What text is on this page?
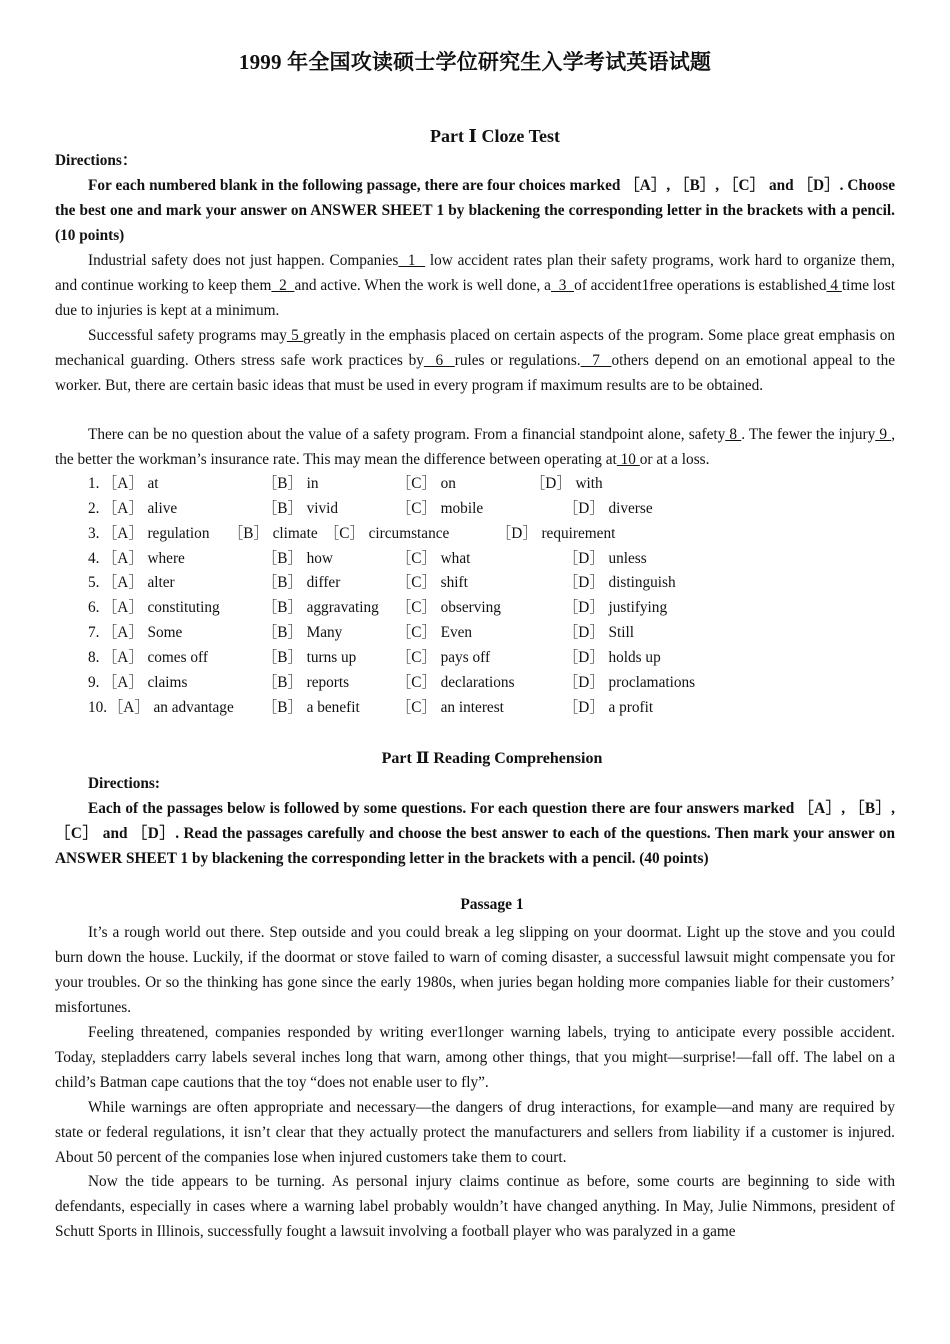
1999 年全国攻读硕士学位研究生入学考试英语试题
Part Ⅰ Cloze Test
Directions：
For each numbered blank in the following passage, there are four choices marked ［A］, ［B］, ［C］ and ［D］. Choose the best one and mark your answer on ANSWER SHEET 1 by blackening the corresponding letter in the brackets with a pencil. (10 points)
Industrial safety does not just happen. Companies  1   low accident rates plan their safety programs, work hard to organize them, and continue working to keep them  2  and active. When the work is well done, a  3  of accident1free operations is established 4 time lost due to injuries is kept at a minimum.
Successful safety programs may 5 greatly in the emphasis placed on certain aspects of the program. Some place great emphasis on mechanical guarding. Others stress safe work practices by  6  rules or regulations.  7  others depend on an emotional appeal to the worker. But, there are certain basic ideas that must be used in every program if maximum results are to be obtained.
There can be no question about the value of a safety program. From a financial standpoint alone, safety 8 . The fewer the injury 9 , the better the workman’s insurance rate. This may mean the difference between operating at 10 or at a loss.
1. ［A］ at	［B］ in	［C］ on	［D］ with
2. ［A］ alive	［B］ vivid	［C］ mobile	［D］ diverse
3. ［A］ regulation ［B］ climate ［C］ circumstance	［D］ requirement
4. ［A］ where	［B］ how	［C］ what	［D］ unless
5. ［A］ alter	［B］ differ	［C］ shift	［D］ distinguish
6. ［A］ constituting	［B］ aggravating ［C］ observing	［D］ justifying
7. ［A］ Some	［B］ Many	［C］ Even	［D］ Still
8. ［A］ comes off	［B］ turns up	［C］ pays off	［D］ holds up
9. ［A］ claims	［B］ reports	［C］ declarations	［D］ proclamations
10. ［A］ an advantage ［B］ a benefit ［C］ an interest	［D］ a profit
Part Ⅱ Reading Comprehension
Directions:
Each of the passages below is followed by some questions. For each question there are four answers marked ［A］, ［B］, ［C］ and ［D］. Read the passages carefully and choose the best answer to each of the questions. Then mark your answer on ANSWER SHEET 1 by blackening the corresponding letter in the brackets with a pencil. (40 points)
Passage 1
It’s a rough world out there. Step outside and you could break a leg slipping on your doormat. Light up the stove and you could burn down the house. Luckily, if the doormat or stove failed to warn of coming disaster, a successful lawsuit might compensate you for your troubles. Or so the thinking has gone since the early 1980s, when juries began holding more companies liable for their customers’ misfortunes.
Feeling threatened, companies responded by writing ever1longer warning labels, trying to anticipate every possible accident. Today, stepladders carry labels several inches long that warn, among other things, that you might—surprise!—fall off. The label on a child’s Batman cape cautions that the toy “does not enable user to fly”.
While warnings are often appropriate and necessary—the dangers of drug interactions, for example—and many are required by state or federal regulations, it isn’t clear that they actually protect the manufacturers and sellers from liability if a customer is injured. About 50 percent of the companies lose when injured customers take them to court.
Now the tide appears to be turning. As personal injury claims continue as before, some courts are beginning to side with defendants, especially in cases where a warning label probably wouldn’t have changed anything. In May, Julie Nimmons, president of Schutt Sports in Illinois, successfully fought a lawsuit involving a football player who was paralyzed in a game
